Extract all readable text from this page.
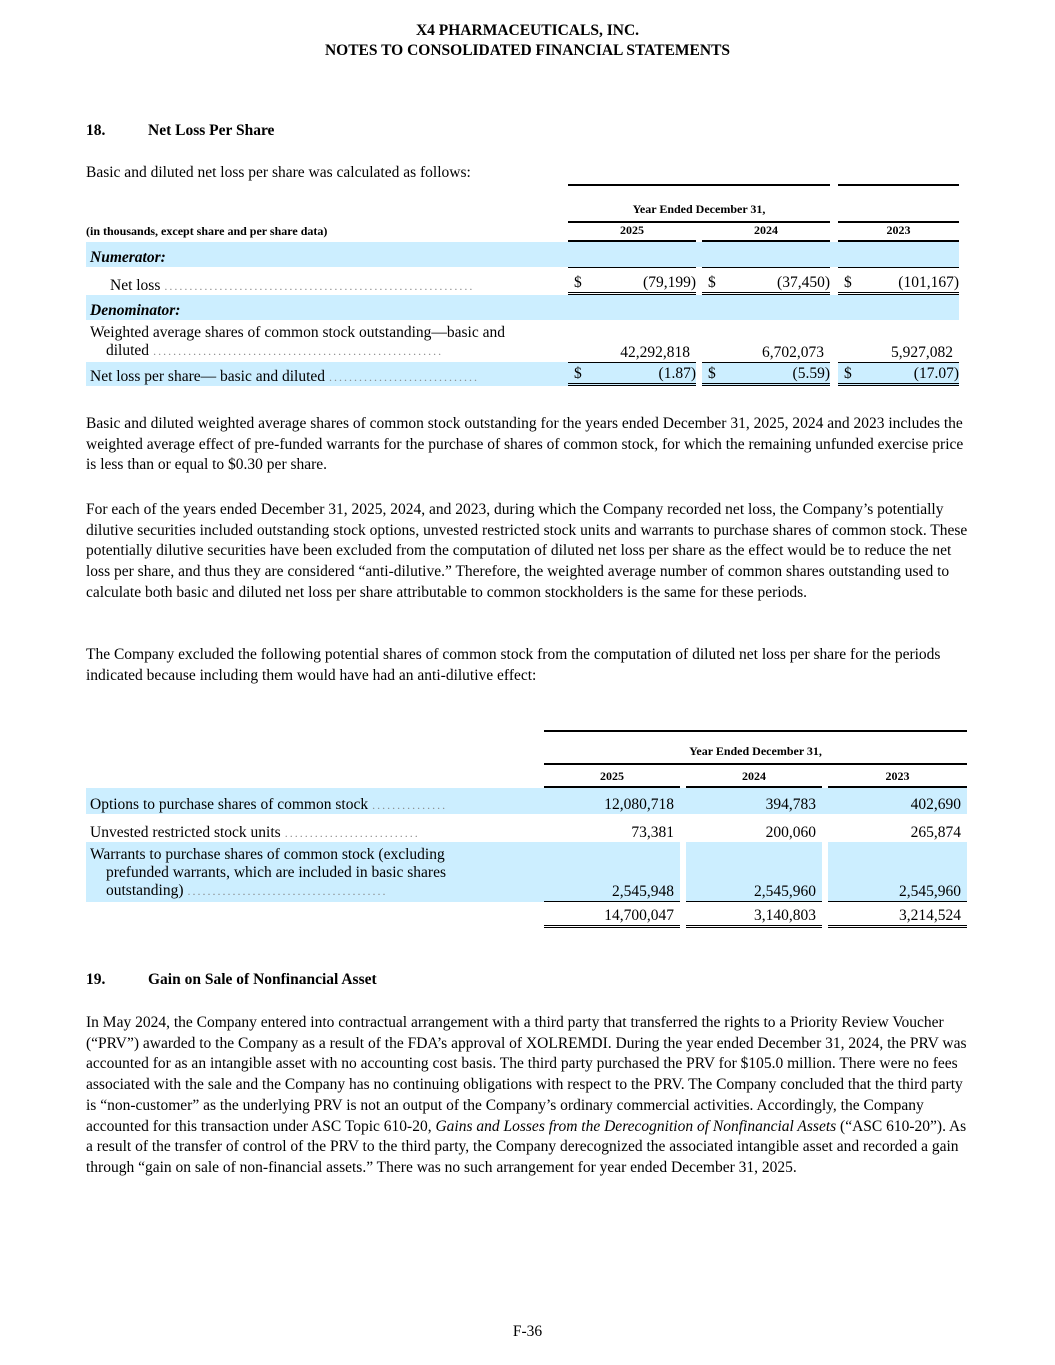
X4 PHARMACEUTICALS, INC.
NOTES TO CONSOLIDATED FINANCIAL STATEMENTS
18.	Net Loss Per Share
Basic and diluted net loss per share was calculated as follows:
	Year Ended December 31,				
(in thousands, except share and per share data)	2025		2024		2023
Numerator:					
Net loss ..............................................................	$ (79,199)		$ (37,450)		$ (101,167)
Denominator:					

Weighted average shares of common stock outstanding—basic and
diluted ..........................................................	42,292,818		6,702,073		5,927,082
Net loss per share— basic and diluted ..............................	$ (1.87)		$ (5.59)		$ (17.07)
Basic and diluted weighted average shares of common stock outstanding for the years ended December 31, 2025, 2024 and 2023 includes the weighted average effect of pre-funded warrants for the purchase of shares of common stock, for which the remaining unfunded exercise price is less than or equal to $0.30 per share.
For each of the years ended December 31, 2025, 2024, and 2023, during which the Company recorded net loss, the Company’s potentially dilutive securities included outstanding stock options, unvested restricted stock units and warrants to purchase shares of common stock. These potentially dilutive securities have been excluded from the computation of diluted net loss per share as the effect would be to reduce the net loss per share, and thus they are considered “anti-dilutive.” Therefore, the weighted average number of common shares outstanding used to calculate both basic and diluted net loss per share attributable to common stockholders is the same for these periods.
The Company excluded the following potential shares of common stock from the computation of diluted net loss per share for the periods indicated because including them would have had an anti-dilutive effect:
	Year Ended December 31,				
	2025		2024		2023
Options to purchase shares of common stock ...............	12,080,718		394,783		402,690
Unvested restricted stock units ...........................	73,381		200,060		265,874

Warrants to purchase shares of common stock (excluding
prefunded warrants, which are included in basic shares
outstanding) ........................................	2,545,948		2,545,960		2,545,960
	14,700,047		3,140,803		3,214,524
19.	Gain on Sale of Nonfinancial Asset
In May 2024, the Company entered into contractual arrangement with a third party that transferred the rights to a Priority Review Voucher (“PRV”) awarded to the Company as a result of the FDA’s approval of XOLREMDI. During the year ended December 31, 2024, the PRV was accounted for as an intangible asset with no accounting cost basis. The third party purchased the PRV for $105.0 million. There were no fees associated with the sale and the Company has no continuing obligations with respect to the PRV. The Company concluded that the third party is “non-customer” as the underlying PRV is not an output of the Company’s ordinary commercial activities. Accordingly, the Company accounted for this transaction under ASC Topic 610-20, Gains and Losses from the Derecognition of Nonfinancial Assets (“ASC 610-20”). As a result of the transfer of control of the PRV to the third party, the Company derecognized the associated intangible asset and recorded a gain through “gain on sale of non-financial assets.” There was no such arrangement for year ended December 31, 2025.
F-36
